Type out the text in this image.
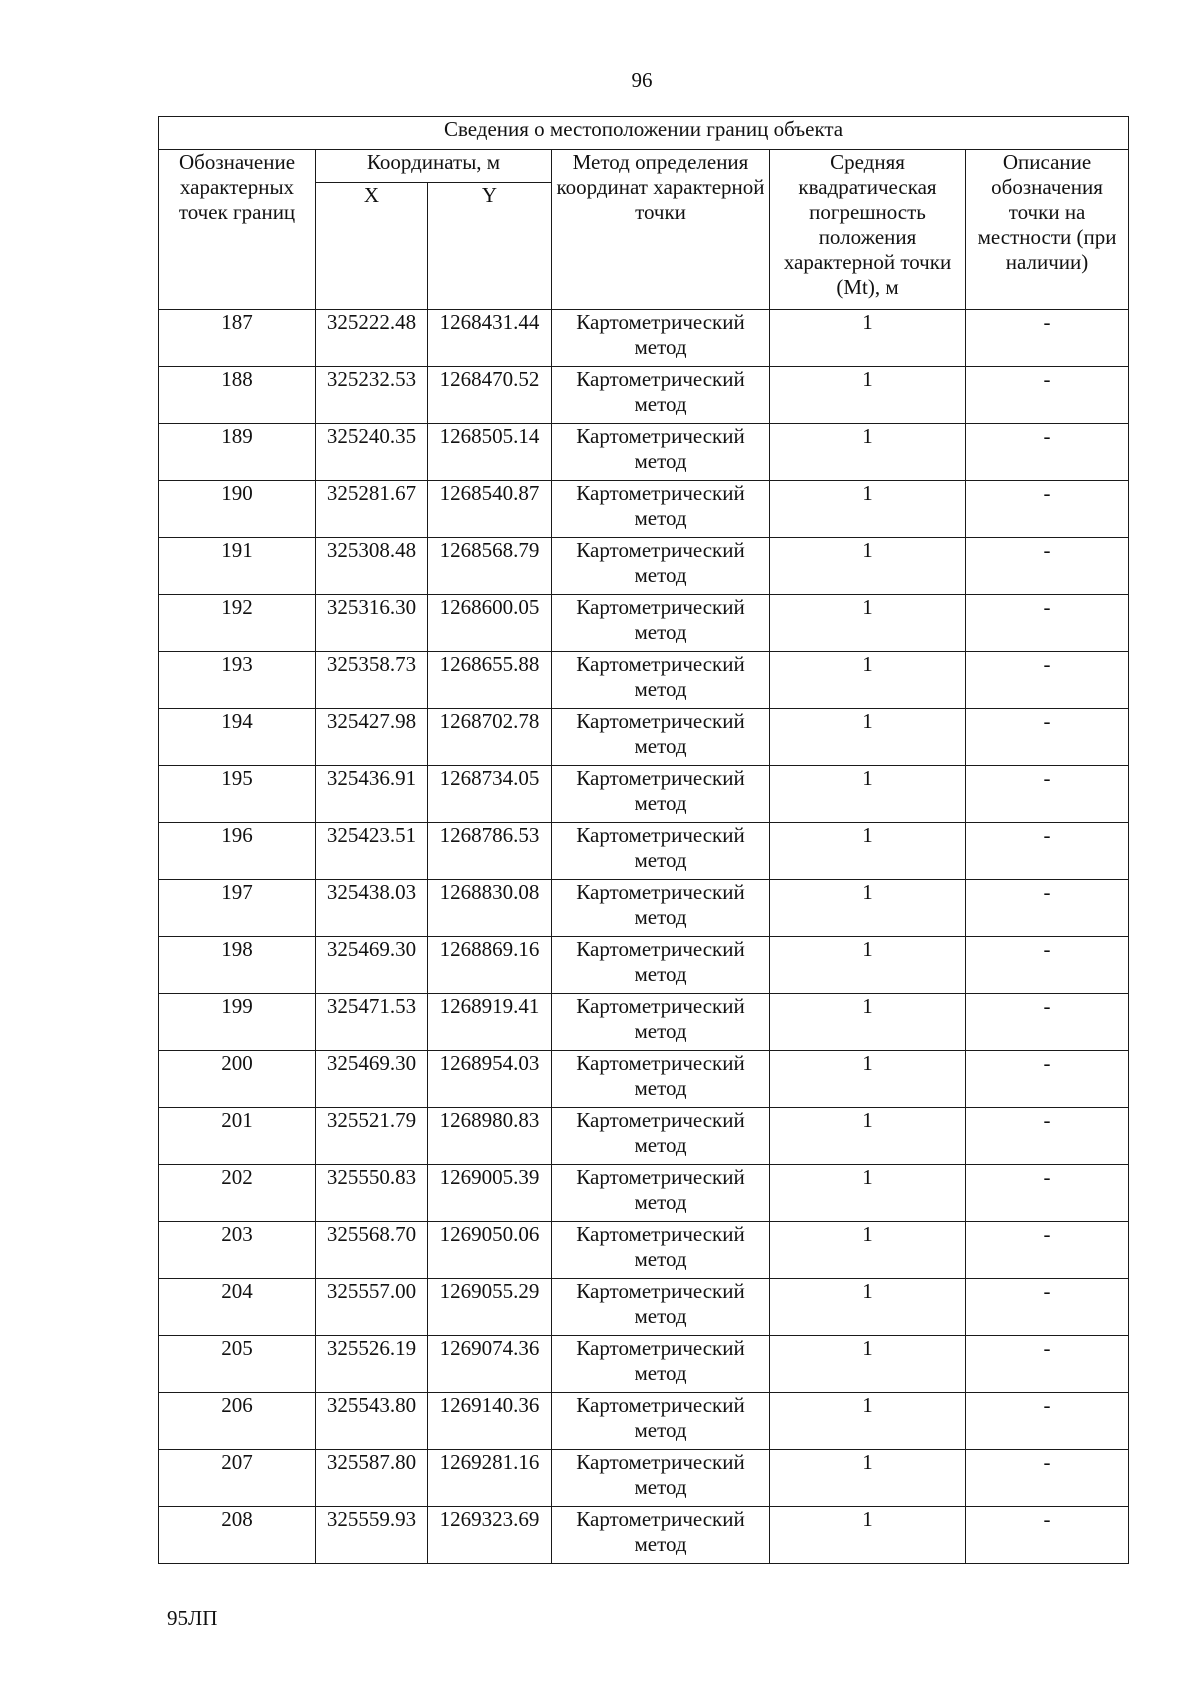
96
Сведения о местоположении границ объекта					
Обозначение характерных точек границ	Координаты, м		Метод определения координат характерной точки	Средняя квадратическая погрешность положения характерной точки (Mt), м	Описание обозначения точки на местности (при наличии)
	X	Y			
187	325222.48	1268431.44	Картометрический метод	1	-
188	325232.53	1268470.52	Картометрический метод	1	-
189	325240.35	1268505.14	Картометрический метод	1	-
190	325281.67	1268540.87	Картометрический метод	1	-
191	325308.48	1268568.79	Картометрический метод	1	-
192	325316.30	1268600.05	Картометрический метод	1	-
193	325358.73	1268655.88	Картометрический метод	1	-
194	325427.98	1268702.78	Картометрический метод	1	-
195	325436.91	1268734.05	Картометрический метод	1	-
196	325423.51	1268786.53	Картометрический метод	1	-
197	325438.03	1268830.08	Картометрический метод	1	-
198	325469.30	1268869.16	Картометрический метод	1	-
199	325471.53	1268919.41	Картометрический метод	1	-
200	325469.30	1268954.03	Картометрический метод	1	-
201	325521.79	1268980.83	Картометрический метод	1	-
202	325550.83	1269005.39	Картометрический метод	1	-
203	325568.70	1269050.06	Картометрический метод	1	-
204	325557.00	1269055.29	Картометрический метод	1	-
205	325526.19	1269074.36	Картометрический метод	1	-
206	325543.80	1269140.36	Картометрический метод	1	-
207	325587.80	1269281.16	Картометрический метод	1	-
208	325559.93	1269323.69	Картометрический метод	1	-
95ЛП
